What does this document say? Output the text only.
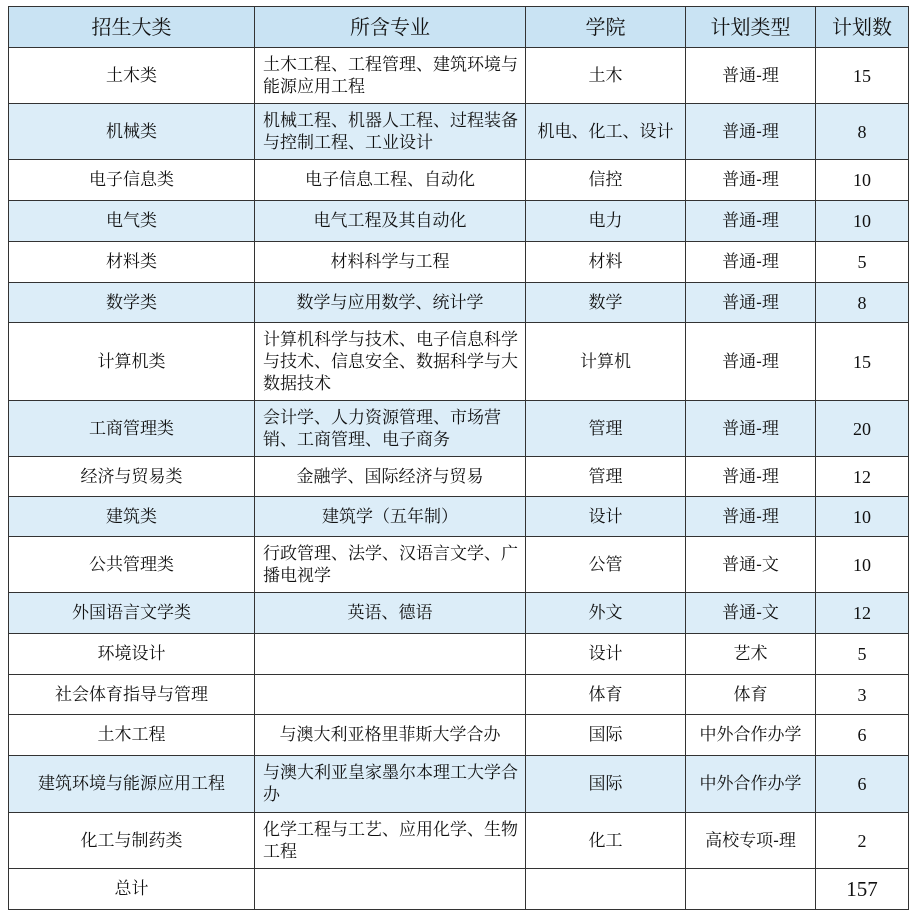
招生大类	所含专业	学院	计划类型	计划数
土木类	土木工程、工程管理、建筑环境与能源应用工程	土木	普通-理	15
机械类	机械工程、机器人工程、过程装备与控制工程、工业设计	机电、化工、设计	普通-理	8
电子信息类	电子信息工程、自动化	信控	普通-理	10
电气类	电气工程及其自动化	电力	普通-理	10
材料类	材料科学与工程	材料	普通-理	5
数学类	数学与应用数学、统计学	数学	普通-理	8
计算机类	计算机科学与技术、电子信息科学与技术、信息安全、数据科学与大数据技术	计算机	普通-理	15
工商管理类	会计学、人力资源管理、市场营销、工商管理、电子商务	管理	普通-理	20
经济与贸易类	金融学、国际经济与贸易	管理	普通-理	12
建筑类	建筑学（五年制）	设计	普通-理	10
公共管理类	行政管理、法学、汉语言文学、广播电视学	公管	普通-文	10
外国语言文学类	英语、德语	外文	普通-文	12
环境设计		设计	艺术	5
社会体育指导与管理		体育	体育	3
土木工程	与澳大利亚格里菲斯大学合办	国际	中外合作办学	6
建筑环境与能源应用工程	与澳大利亚皇家墨尔本理工大学合办	国际	中外合作办学	6
化工与制药类	化学工程与工艺、应用化学、生物工程	化工	高校专项-理	2
总计				157
